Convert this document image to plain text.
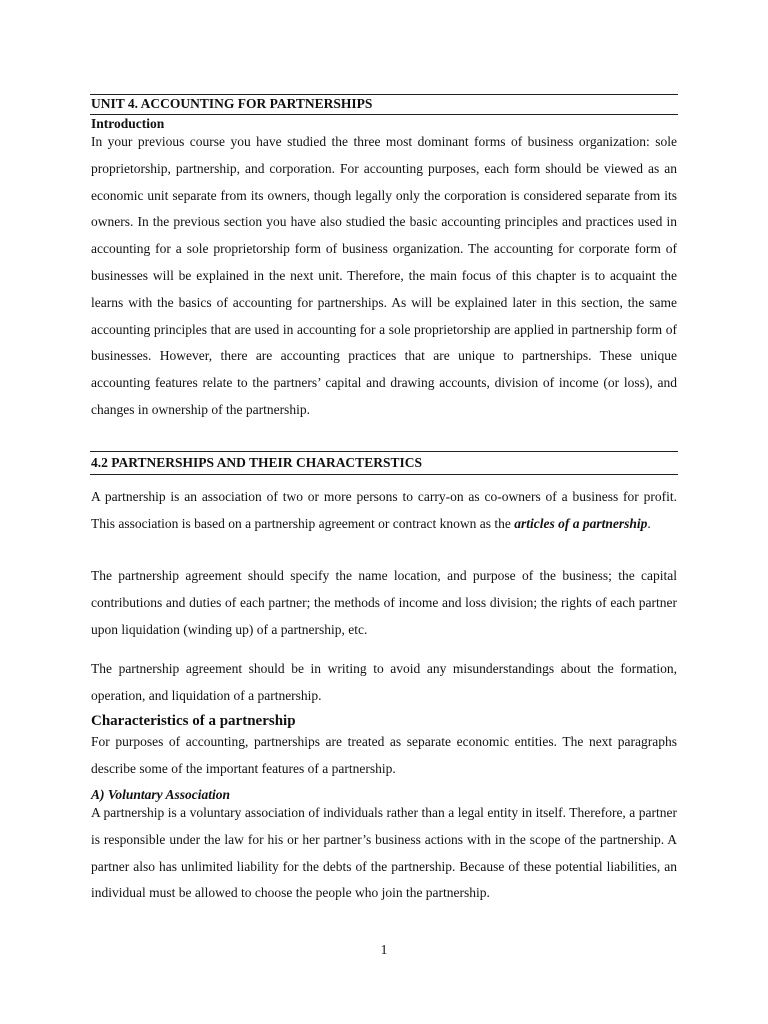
UNIT 4. ACCOUNTING FOR PARTNERSHIPS
Introduction
In your previous course you have studied the three most dominant forms of business organization: sole proprietorship, partnership, and corporation. For accounting purposes, each form should be viewed as an economic unit separate from its owners, though legally only the corporation is considered separate from its owners. In the previous section you have also studied the basic accounting principles and practices used in accounting for a sole proprietorship form of business organization. The accounting for corporate form of businesses will be explained in the next unit. Therefore, the main focus of this chapter is to acquaint the learns with the basics of accounting for partnerships. As will be explained later in this section, the same accounting principles that are used in accounting for a sole proprietorship are applied in partnership form of businesses. However, there are accounting practices that are unique to partnerships. These unique accounting features relate to the partners’ capital and drawing accounts, division of income (or loss), and changes in ownership of the partnership.
4.2 PARTNERSHIPS AND THEIR CHARACTERSTICS
A partnership is an association of two or more persons to carry-on as co-owners of a business for profit. This association is based on a partnership agreement or contract known as the articles of a partnership.
The partnership agreement should specify the name location, and purpose of the business; the capital contributions and duties of each partner; the methods of income and loss division; the rights of each partner upon liquidation (winding up) of a partnership, etc.
The partnership agreement should be in writing to avoid any misunderstandings about the formation, operation, and liquidation of a partnership.
Characteristics of a partnership
For purposes of accounting, partnerships are treated as separate economic entities. The next paragraphs describe some of the important features of a partnership.
A) Voluntary Association
A partnership is a voluntary association of individuals rather than a legal entity in itself. Therefore, a partner is responsible under the law for his or her partner’s business actions with in the scope of the partnership. A partner also has unlimited liability for the debts of the partnership. Because of these potential liabilities, an individual must be allowed to choose the people who join the partnership.
1
